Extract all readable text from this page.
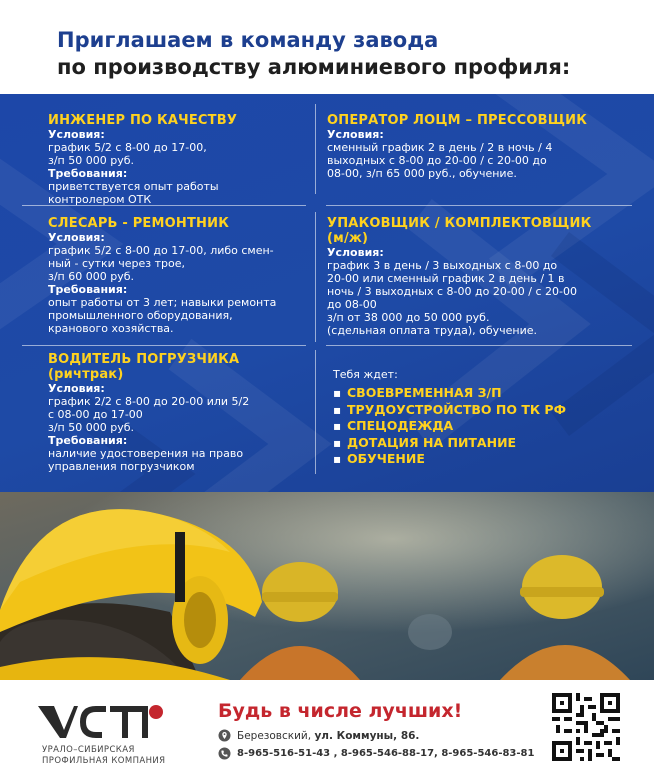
Приглашаем в команду завода
по производству алюминиевого профиля:
ИНЖЕНЕР ПО КАЧЕСТВУ
Условия:
график 5/2 с 8-00 до 17-00,
з/п 50 000 руб.
Требования:
приветствуется опыт работы
контролером ОТК
ОПЕРАТОР ЛОЦМ – ПРЕССОВЩИК
Условия:
сменный график 2 в день / 2 в ночь / 4
выходных с 8-00 до 20-00 / с 20-00 до
08-00, з/п 65 000 руб., обучение.
СЛЕСАРЬ - РЕМОНТНИК
Условия:
график 5/2 с 8-00 до 17-00, либо смен-
ный - сутки через трое,
з/п 60 000 руб.
Требования:
опыт работы от 3 лет; навыки ремонта
промышленного оборудования,
кранового хозяйства.
УПАКОВЩИК / КОМПЛЕКТОВЩИК
(м/ж)
Условия:
график 3 в день / 3 выходных с 8-00 до
20-00 или сменный график 2 в день / 1 в
ночь / 3 выходных с 8-00 до 20-00 / с 20-00
до 08-00
з/п от 38 000 до 50 000 руб.
(сдельная оплата труда), обучение.
ВОДИТЕЛЬ ПОГРУЗЧИКА
(ричтрак)
Условия:
график 2/2 с 8-00 до 20-00 или 5/2
с 08-00 до 17-00
з/п 50 000 руб.
Требования:
наличие удостоверения на право
управления погрузчиком
Тебя ждет:
▪ СВОЕВРЕМЕННАЯ З/П
▪ ТРУДОУСТРОЙСТВО ПО ТК РФ
▪ СПЕЦОДЕЖДА
▪ ДОТАЦИЯ НА ПИТАНИЕ
▪ ОБУЧЕНИЕ
УРАЛО–СИБИРСКАЯ
ПРОФИЛЬНАЯ КОМПАНИЯ
Будь в числе лучших!
Березовский, ул. Коммуны, 86.
8-965-516-51-43 , 8-965-546-88-17, 8-965-546-83-81
